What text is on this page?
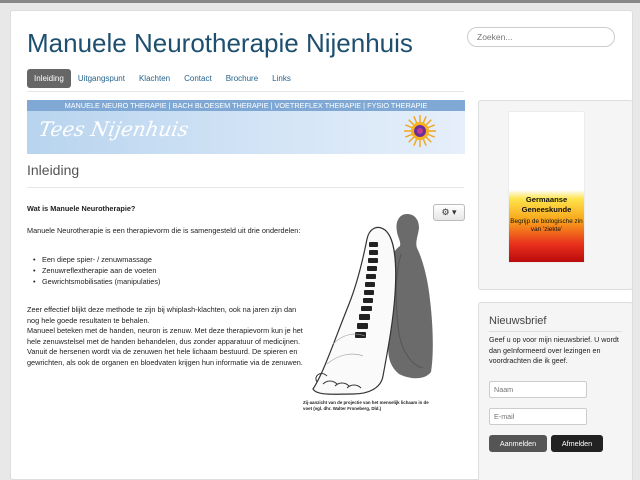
Manuele Neurotherapie Nijenhuis
Zoeken...
Inleiding	Uitgangspunt	Klachten	Contact	Brochure	Links
MANUELE NEURO THERAPIE | BACH BLOESEM THERAPIE | VOETREFLEX THERAPIE | FYSIO THERAPIE
Tees Nijenhuis
Inleiding
⚙ ▾
Wat is Manuele Neurotherapie?
Manuele Neurotherapie is een therapievorm die is samengesteld uit drie onderdelen:
• Een diepe spier- / zenuwmassage
• Zenuwreflextherapie aan de voeten
• Gewrichtsmobilisaties (manipulaties)

Zeer effectief blijkt deze methode te zijn bij whiplash-klachten, ook na jaren zijn dan nog hele goede resultaten te behalen.

Manueel beteken met de handen, neuron is zenuw. Met deze therapievorm kun je het hele zenuwstelsel met de handen behandelen, dus zonder apparatuur of medicijnen.

Vanuit de hersenen wordt via de zenuwen het hele lichaam bestuurd. De spieren en gewrichten, als ook de organen en bloedvaten krijgen hun informatie via de zenuwen.

Zij-aanzicht van de projectie van het menselijk lichaam in de voet (vgl. dhr. Walter Froneberg, Dld.)
Germaanse Geneeskunde
Begrijp de biologische zin van 'ziekte'
Nieuwsbrief
Geef u op voor mijn nieuwsbrief. U wordt dan geïnformeerd over lezingen en voordrachten die ik geef.
Naam
E-mail
Aanmelden	Afmelden
